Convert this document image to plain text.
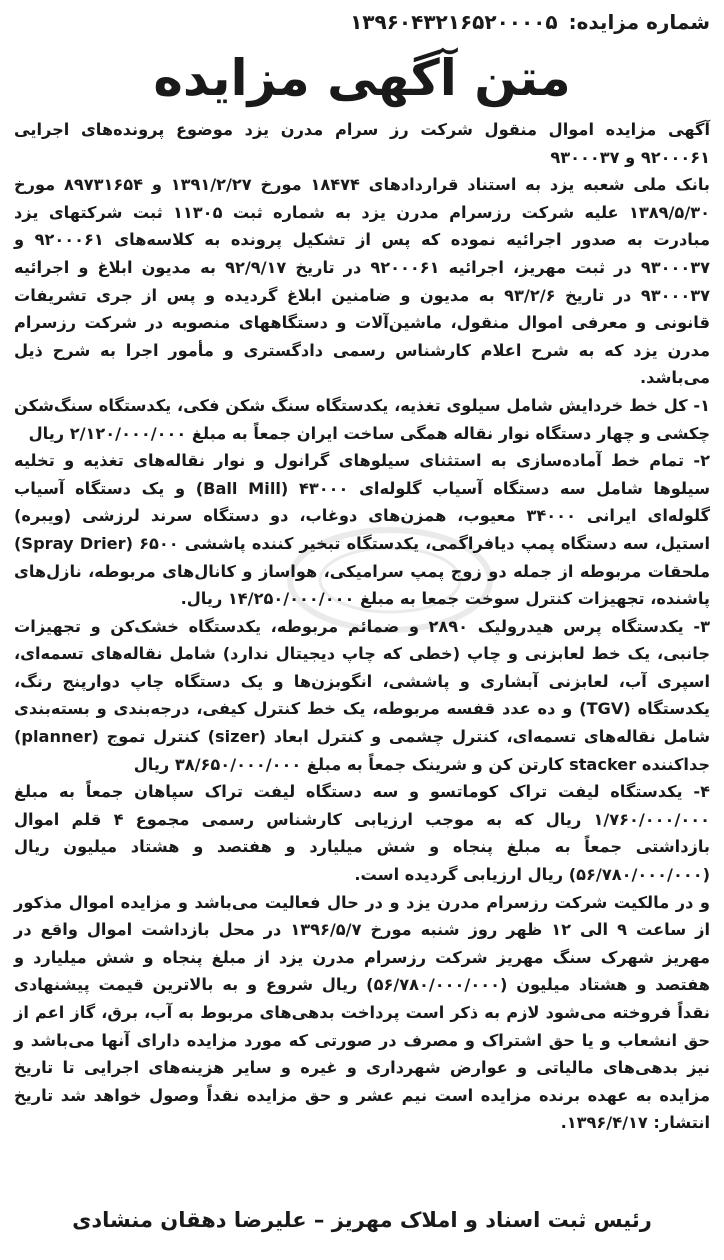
شماره مزایده: ۱۳۹۶۰۴۳۲۱۶۵۲۰۰۰۰۵
متن آگهی مزایده

آگهی مزایده اموال منقول شرکت رز سرام مدرن یزد موضوع پرونده‌های اجرایی ۹۲۰۰۰۶۱ و ۹۳۰۰۰۳۷

بانک ملی شعبه یزد به استناد قراردادهای ۱۸۴۷۴ مورخ ۱۳۹۱/۲/۲۷ و ۸۹۷۳۱۶۵۴ مورخ ۱۳۸۹/۵/۳۰ علیه شرکت رزسرام مدرن یزد به شماره ثبت ۱۱۳۰۵ ثبت شرکتهای یزد مبادرت به صدور اجرائیه نموده که پس از تشکیل پرونده به کلاسه‌های ۹۲۰۰۰۶۱ و ۹۳۰۰۰۳۷ در ثبت مهریز، اجرائیه ۹۲۰۰۰۶۱ در تاریخ ۹۲/۹/۱۷ به مدیون ابلاغ و اجرائیه ۹۳۰۰۰۳۷ در تاریخ ۹۳/۲/۶ به مدیون و ضامنین ابلاغ گردیده و پس از جری تشریفات قانونی و معرفی اموال منقول، ماشین‌آلات و دستگاههای منصوبه در شرکت رزسرام مدرن یزد که به شرح اعلام کارشناس رسمی دادگستری و مأمور اجرا به شرح ذیل می‌باشد.

۱- کل خط خردایش شامل سیلوی تغذیه، یکدستگاه سنگ شکن فکی، یکدستگاه سنگ‌شکن چکشی و چهار دستگاه نوار نقاله همگی ساخت ایران جمعاً به مبلغ ۲/۱۲۰/۰۰۰/۰۰۰ ریال

۲- تمام خط آماده‌سازی به استثنای سیلوهای گرانول و نوار نقاله‌های تغذیه و تخلیه سیلوها شامل سه دستگاه آسیاب گلوله‌ای ۴۳۰۰۰ (Ball Mill) و یک دستگاه آسیاب گلوله‌ای ایرانی ۳۴۰۰۰ معیوب، همزن‌های دوغاب، دو دستگاه سرند لرزشی (ویبره) استیل، سه دستگاه پمپ دیافراگمی، یکدستگاه تبخیر کننده پاششی ۶۵۰۰ (Spray Drier) ملحقات مربوطه از جمله دو زوج پمپ سرامیکی، هواساز و کانال‌های مربوطه، نازل‌های پاشنده، تجهیزات کنترل سوخت جمعا به مبلغ ۱۴/۲۵۰/۰۰۰/۰۰۰ ریال.

۳- یکدستگاه پرس هیدرولیک ۲۸۹۰ و ضمائم مربوطه، یکدستگاه خشک‌کن و تجهیزات جانبی، یک خط لعابزنی و چاپ (خطی که چاپ دیجیتال ندارد) شامل نقاله‌های تسمه‌ای، اسپری آب، لعابزنی آبشاری و پاششی، انگوبزن‌ها و یک دستگاه چاپ دوارپنج رنگ، یکدستگاه (TGV) و ده عدد قفسه مربوطه، یک خط کنترل کیفی، درجه‌بندی و بسته‌بندی شامل نقاله‌های تسمه‌ای، کنترل چشمی و کنترل ابعاد (sizer) کنترل تموج (planner) جداکننده stacker کارتن کن و شرینک جمعاً به مبلغ ۳۸/۶۵۰/۰۰۰/۰۰۰ ریال

۴- یکدستگاه لیفت تراک کوماتسو و سه دستگاه لیفت تراک سپاهان جمعاً به مبلغ ۱/۷۶۰/۰۰۰/۰۰۰ ریال که به موجب ارزیابی کارشناس رسمی مجموع ۴ قلم اموال بازداشتی جمعاً به مبلغ پنجاه و شش میلیارد و هفتصد و هشتاد میلیون ریال (۵۶/۷۸۰/۰۰۰/۰۰۰) ریال ارزیابی گردیده است.

و در مالکیت شرکت رزسرام مدرن یزد و در حال فعالیت می‌باشد و مزایده اموال مذکور از ساعت ۹ الی ۱۲ ظهر روز شنبه مورخ ۱۳۹۶/۵/۷ در محل بازداشت اموال واقع در مهریز شهرک سنگ مهریز شرکت رزسرام مدرن یزد از مبلغ پنجاه و شش میلیارد و هفتصد و هشتاد میلیون (۵۶/۷۸۰/۰۰۰/۰۰۰) ریال شروع و به بالاترین قیمت پیشنهادی نقداً فروخته می‌شود لازم به ذکر است پرداخت بدهی‌های مربوط به آب، برق، گاز اعم از حق انشعاب و یا حق اشتراک و مصرف در صورتی که مورد مزایده دارای آنها می‌باشد و نیز بدهی‌های مالیاتی و عوارض شهرداری و غیره و سایر هزینه‌های اجرایی تا تاریخ مزایده به عهده برنده مزایده است نیم عشر و حق مزایده نقداً وصول خواهد شد تاریخ انتشار: ۱۳۹۶/۴/۱۷.

رئیس ثبت اسناد و املاک مهریز – علیرضا دهقان منشادی
